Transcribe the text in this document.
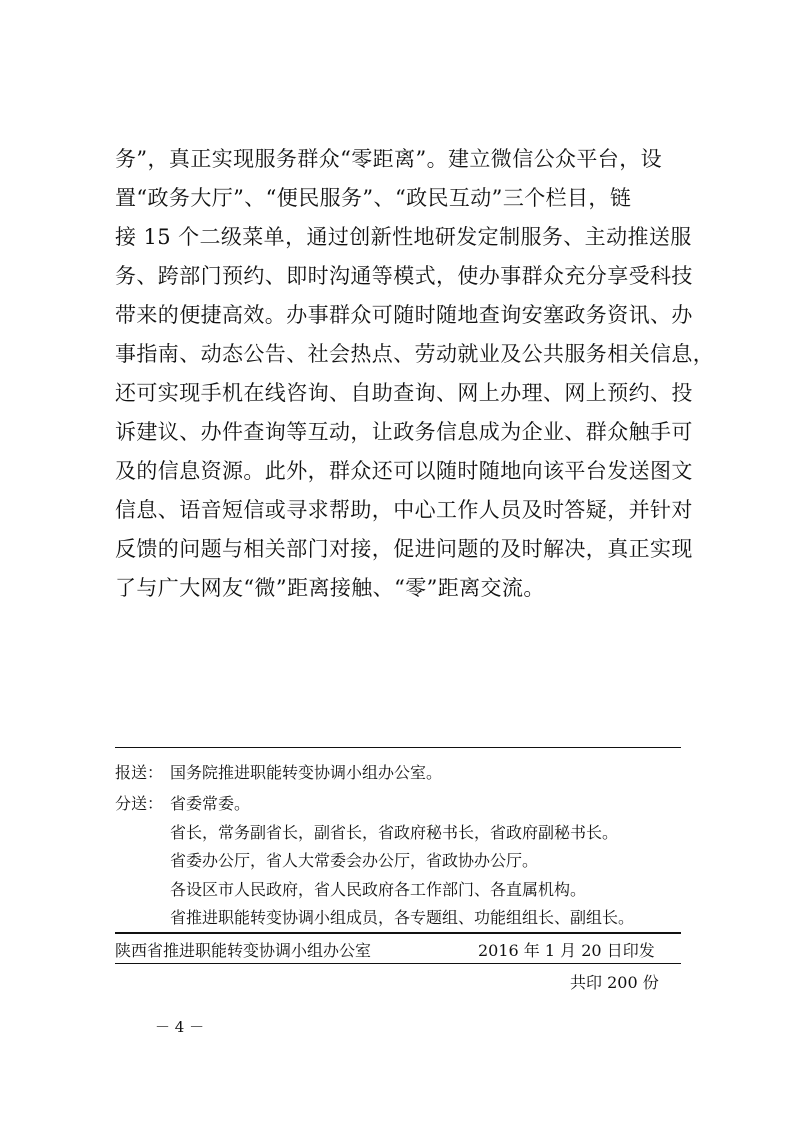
务”，真正实现服务群众“零距离”。建立微信公众平台，设
置“政务大厅”、“便民服务”、“政民互动”三个栏目，链
接 15 个二级菜单，通过创新性地研发定制服务、主动推送服
务、跨部门预约、即时沟通等模式，使办事群众充分享受科技
带来的便捷高效。办事群众可随时随地查询安塞政务资讯、办
事指南、动态公告、社会热点、劳动就业及公共服务相关信息，
还可实现手机在线咨询、自助查询、网上办理、网上预约、投
诉建议、办件查询等互动，让政务信息成为企业、群众触手可
及的信息资源。此外，群众还可以随时随地向该平台发送图文
信息、语音短信或寻求帮助，中心工作人员及时答疑，并针对
反馈的问题与相关部门对接，促进问题的及时解决，真正实现
了与广大网友“微”距离接触、“零”距离交流。
报送： 国务院推进职能转变协调小组办公室。
分送： 省委常委。
省长，常务副省长，副省长，省政府秘书长，省政府副秘书长。
省委办公厅，省人大常委会办公厅，省政协办公厅。
各设区市人民政府，省人民政府各工作部门、各直属机构。
省推进职能转变协调小组成员，各专题组、功能组组长、副组长。
陕西省推进职能转变协调小组办公室	2016 年 1 月 20 日印发
共印 200 份
－ 4 －
